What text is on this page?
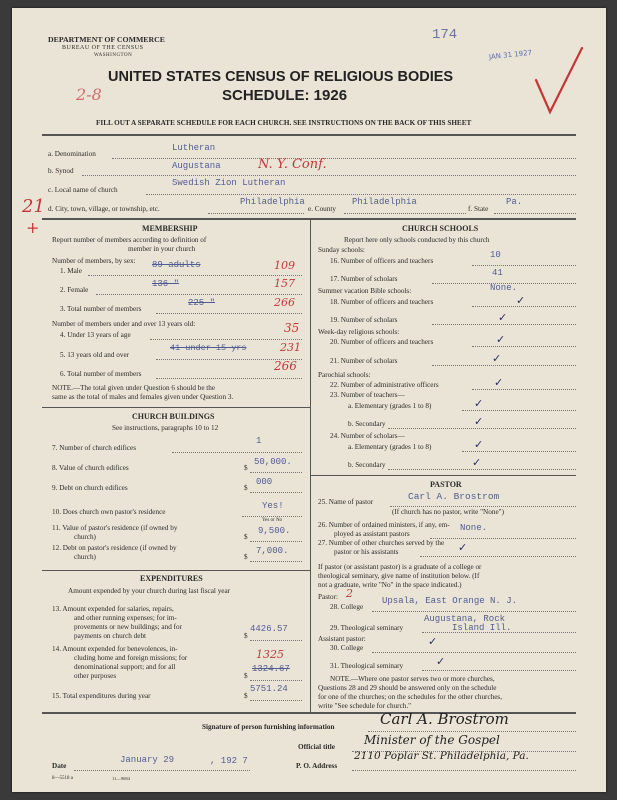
DEPARTMENT OF COMMERCE
BUREAU OF THE CENSUS
WASHINGTON
174
JAN 31 1927
UNITED STATES CENSUS OF RELIGIOUS BODIES
SCHEDULE: 1926
2-8
FILL OUT A SEPARATE SCHEDULE FOR EACH CHURCH. SEE INSTRUCTIONS ON THE BACK OF THIS SHEET
a. Denomination
Lutheran
b. Synod	Augustana	N. Y. Conf.
c. Local name of church
Swedish Zion Lutheran
21
+
d. City, town, village, or township, etc.
Philadelphia
e. County
Philadelphia
f. State
Pa.
MEMBERSHIP
Report number of members according to definition of
member in your church
Number of members, by sex:
1. Male
89 adults	109
2. Female
136 "	157
3. Total number of members
225 "	266
Number of members under and over 13 years old:
4. Under 13 years of age	35
5. 13 years old and over
41 under 15 yrs	231
6. Total number of members
266
NOTE.—The total given under Question 6 should be the
same as the total of males and females given under Question 3.
CHURCH BUILDINGS
See instructions, paragraphs 10 to 12
7. Number of church edifices
1
8. Value of church edifices	$
50,000.
9. Debt on church edifices	$
000
10. Does church own pastor's residence
Yes!
Yes or No
11. Value of pastor's residence (if owned by
church)	$
9,500.
12. Debt on pastor's residence (if owned by
church)	$
7,000.
EXPENDITURES
Amount expended by your church during last fiscal year
13. Amount expended for salaries, repairs,
and other running expenses; for im-
provements or new buildings; and for
payments on church debt	$
4426.57
14. Amount expended for benevolences, in-
cluding home and foreign missions; for
denominational support; and for all
other purposes	$
1324.67
1325
15. Total expenditures during year	$
5751.24
CHURCH SCHOOLS
Report here only schools conducted by this church
Sunday schools:
16. Number of officers and teachers
10
17. Number of scholars
41
Summer vacation Bible schools:	None.
18. Number of officers and teachers	✓
19. Number of scholars	✓
Week-day religious schools:
20. Number of officers and teachers	✓
21. Number of scholars	✓
Parochial schools:
22. Number of administrative officers	✓
23. Number of teachers—
a. Elementary (grades 1 to 8)	✓
b. Secondary	✓
24. Number of scholars—
a. Elementary (grades 1 to 8)	✓
b. Secondary	✓
PASTOR
25. Name of pastor	Carl A. Brostrom
(If church has no pastor, write "None")
26. Number of ordained ministers, if any, em-
ployed as assistant pastors
None.
27. Number of other churches served by the
pastor or his assistants	✓
If pastor (or assistant pastor) is a graduate of a college or
theological seminary, give name of institution below. (If
not a graduate, write "No" in the space indicated.)
Pastor: 2
28. College
Upsala, East Orange N. J.
29. Theological seminary
Augustana, Rock
Island Ill.
Assistant pastor:
30. College	✓
31. Theological seminary	✓
NOTE.—Where one pastor serves two or more churches,
Questions 28 and 29 should be answered only on the schedule
for one of the churches; on the schedules for the other churches,
write "See schedule for church."
Signature of person furnishing information	Carl A. Brostrom
Official title Minister of the Gospel
Date
January 29	, 192 7	P. O. Address
2110 Poplar St. Philadelphia, Pa.
8—5518 a	11—9684
